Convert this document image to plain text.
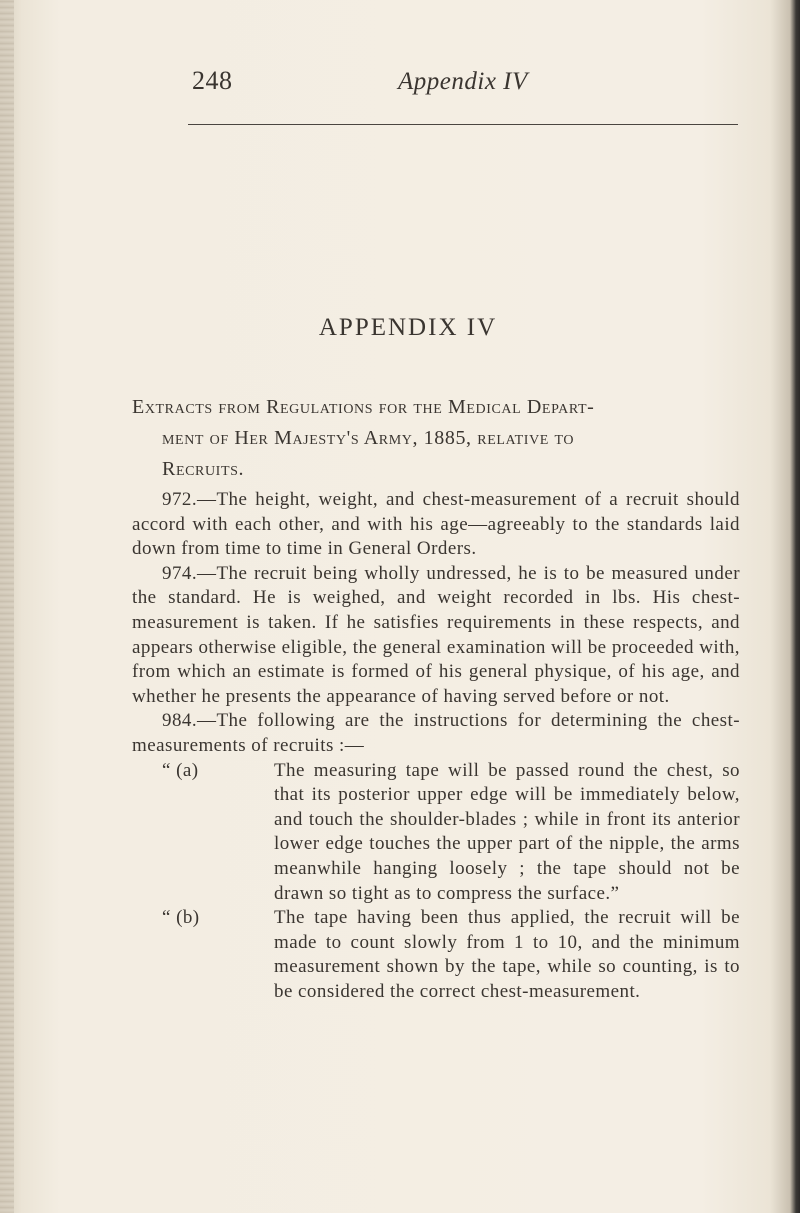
248	Appendix IV
APPENDIX IV
Extracts from Regulations for the Medical Depart-
ment of Her Majesty's Army, 1885, relative to
Recruits.

972.—The height, weight, and chest-measurement of a recruit should accord with each other, and with his age—agreeably to the standards laid down from time to time in General Orders.

974.—The recruit being wholly undressed, he is to be measured under the standard. He is weighed, and weight recorded in lbs. His chest-measurement is taken. If he satisfies requirements in these respects, and appears otherwise eligible, the general examination will be proceeded with, from which an estimate is formed of his general physique, of his age, and whether he presents the appearance of having served before or not.

984.—The following are the instructions for determining the chest-measurements of recruits :—

“ (a)	The measuring tape will be passed round the chest, so that its posterior upper edge will be immediately below, and touch the shoulder-blades ; while in front its anterior lower edge touches the upper part of the nipple, the arms meanwhile hanging loosely ; the tape should not be drawn so tight as to compress the surface.”

“ (b)	The tape having been thus applied, the recruit will be made to count slowly from 1 to 10, and the minimum measurement shown by the tape, while so counting, is to be considered the correct chest-measurement.
